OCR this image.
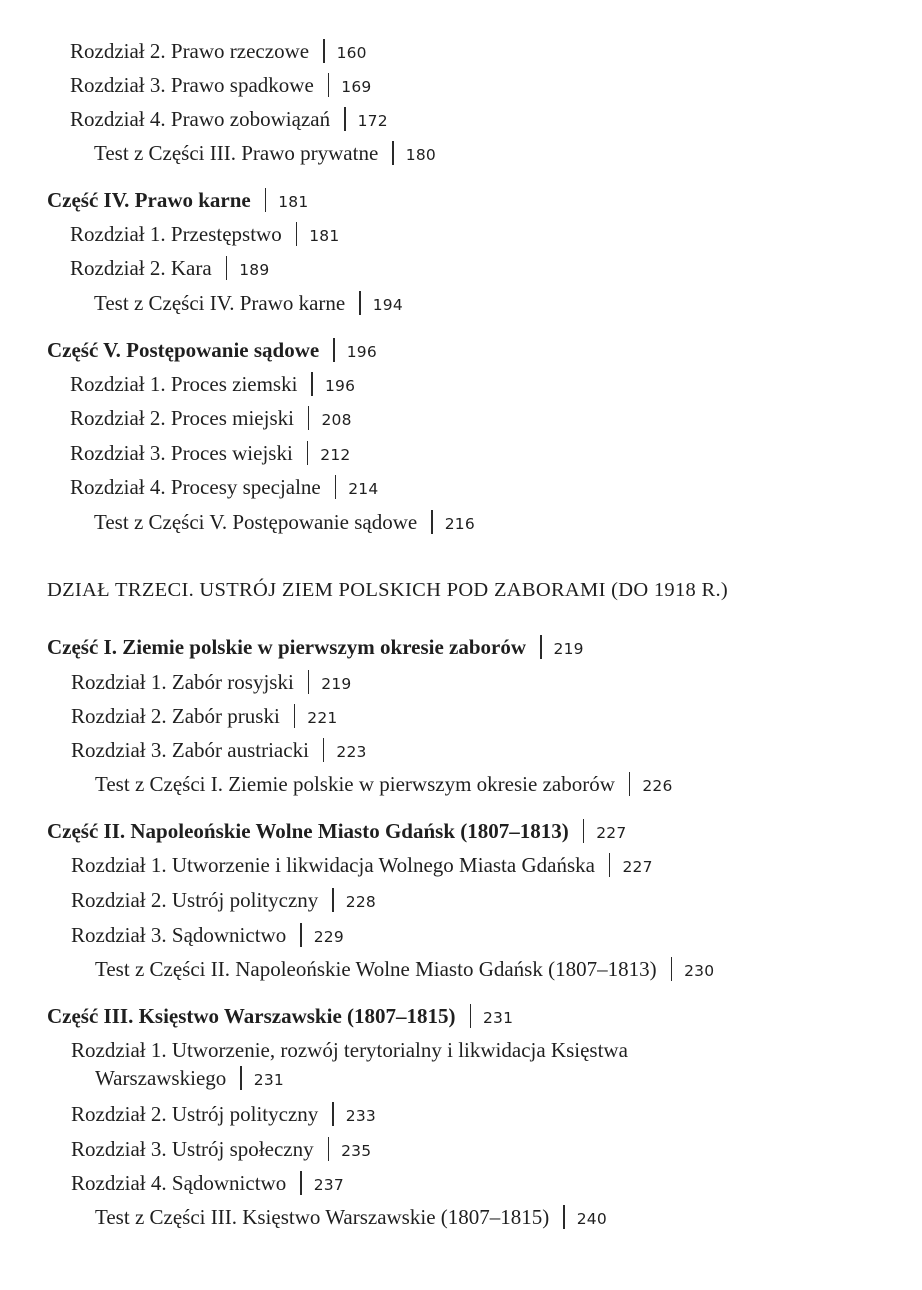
Rozdział 2. Prawo rzeczowe 160
Rozdział 3. Prawo spadkowe 169
Rozdział 4. Prawo zobowiązań 172
Test z Części III. Prawo prywatne 180
Część IV. Prawo karne 181
Rozdział 1. Przestępstwo 181
Rozdział 2. Kara 189
Test z Części IV. Prawo karne 194
Część V. Postępowanie sądowe 196
Rozdział 1. Proces ziemski 196
Rozdział 2. Proces miejski 208
Rozdział 3. Proces wiejski 212
Rozdział 4. Procesy specjalne 214
Test z Części V. Postępowanie sądowe 216
DZIAŁ TRZECI. USTRÓJ ZIEM POLSKICH POD ZABORAMI (DO 1918 R.)
Część I. Ziemie polskie w pierwszym okresie zaborów 219
Rozdział 1. Zabór rosyjski 219
Rozdział 2. Zabór pruski 221
Rozdział 3. Zabór austriacki 223
Test z Części I. Ziemie polskie w pierwszym okresie zaborów 226
Część II. Napoleońskie Wolne Miasto Gdańsk (1807–1813) 227
Rozdział 1. Utworzenie i likwidacja Wolnego Miasta Gdańska 227
Rozdział 2. Ustrój polityczny 228
Rozdział 3. Sądownictwo 229
Test z Części II. Napoleońskie Wolne Miasto Gdańsk (1807–1813) 230
Część III. Księstwo Warszawskie (1807–1815) 231
Rozdział 1. Utworzenie, rozwój terytorialny i likwidacja Księstwa
Warszawskiego 231
Rozdział 2. Ustrój polityczny 233
Rozdział 3. Ustrój społeczny 235
Rozdział 4. Sądownictwo 237
Test z Części III. Księstwo Warszawskie (1807–1815) 240
